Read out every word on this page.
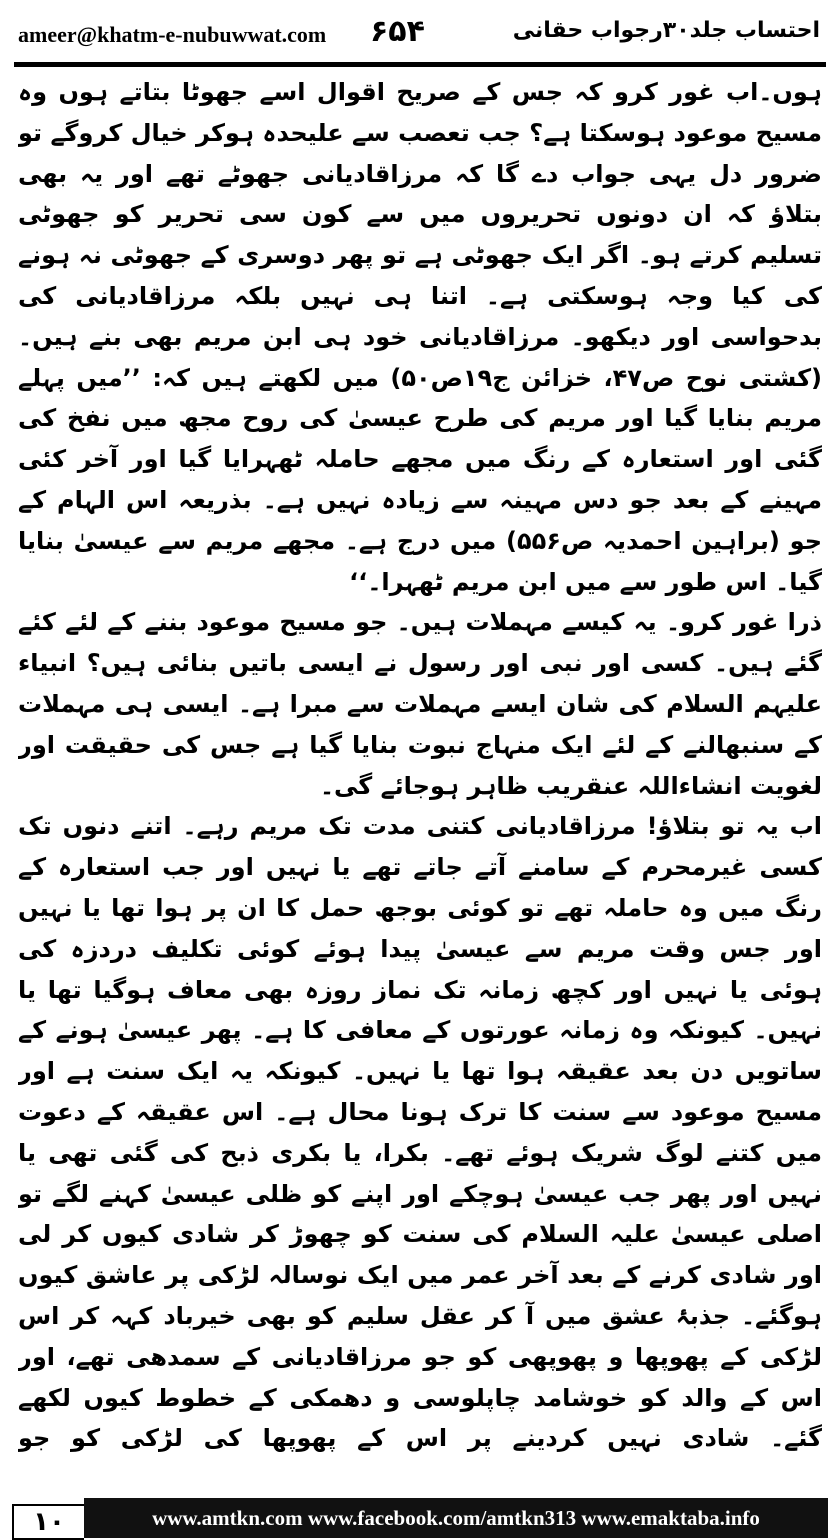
ameer@khatm-e-nubuwwat.com ۶۵۴	احتساب جلد۳۰رجواب حقانی

ہوں۔اب غور کرو کہ جس کے صریح اقوال اسے جھوٹا بتاتے ہوں وہ مسیح موعود ہوسکتا ہے؟ جب تعصب سے علیحدہ ہوکر خیال کروگے تو ضرور دل یہی جواب دے گا کہ مرزاقادیانی جھوٹے تھے اور یہ بھی بتلاؤ کہ ان دونوں تحریروں میں سے کون سی تحریر کو جھوٹی تسلیم کرتے ہو۔ اگر ایک جھوٹی ہے تو پھر دوسری کے جھوٹی نہ ہونے کی کیا وجہ ہوسکتی ہے۔ اتنا ہی نہیں بلکہ مرزاقادیانی کی بدحواسی اور دیکھو۔ مرزاقادیانی خود ہی ابن مریم بھی بنے ہیں۔ (کشتی نوح ص۴۷، خزائن ج۱۹ص۵۰) میں لکھتے ہیں کہ: ’’میں پہلے مریم بنایا گیا اور مریم کی طرح عیسیٰ کی روح مجھ میں نفخ کی گئی اور استعارہ کے رنگ میں مجھے حاملہ ٹھہرایا گیا اور آخر کئی مہینے کے بعد جو دس مہینہ سے زیادہ نہیں ہے۔ بذریعہ اس الہام کے جو (براہین احمدیہ ص۵۵۶) میں درج ہے۔ مجھے مریم سے عیسیٰ بنایا گیا۔ اس طور سے میں ابن مریم ٹھہرا۔‘‘

ذرا غور کرو۔ یہ کیسے مہملات ہیں۔ جو مسیح موعود بننے کے لئے کئے گئے ہیں۔ کسی اور نبی اور رسول نے ایسی باتیں بنائی ہیں؟ انبیاء علیہم السلام کی شان ایسے مہملات سے مبرا ہے۔ ایسی ہی مہملات کے سنبھالنے کے لئے ایک منہاج نبوت بنایا گیا ہے جس کی حقیقت اور لغویت انشاءاللہ عنقریب ظاہر ہوجائے گی۔

اب یہ تو بتلاؤ! مرزاقادیانی کتنی مدت تک مریم رہے۔ اتنے دنوں تک کسی غیرمحرم کے سامنے آتے جاتے تھے یا نہیں اور جب استعارہ کے رنگ میں وہ حاملہ تھے تو کوئی بوجھ حمل کا ان پر ہوا تھا یا نہیں اور جس وقت مریم سے عیسیٰ پیدا ہوئے کوئی تکلیف دردزہ کی ہوئی یا نہیں اور کچھ زمانہ تک نماز روزہ بھی معاف ہوگیا تھا یا نہیں۔ کیونکہ وہ زمانہ عورتوں کے معافی کا ہے۔ پھر عیسیٰ ہونے کے ساتویں دن بعد عقیقہ ہوا تھا یا نہیں۔ کیونکہ یہ ایک سنت ہے اور مسیح موعود سے سنت کا ترک ہونا محال ہے۔ اس عقیقہ کے دعوت میں کتنے لوگ شریک ہوئے تھے۔ بکرا، یا بکری ذبح کی گئی تھی یا نہیں اور پھر جب عیسیٰ ہوچکے اور اپنے کو ظلی عیسیٰ کہنے لگے تو اصلی عیسیٰ علیہ السلام کی سنت کو چھوڑ کر شادی کیوں کر لی اور شادی کرنے کے بعد آخر عمر میں ایک نوسالہ لڑکی پر عاشق کیوں ہوگئے۔ جذبۂ عشق میں آ کر عقل سلیم کو بھی خیرباد کہہ کر اس لڑکی کے پھوپھا و پھوپھی کو جو مرزاقادیانی کے سمدھی تھے، اور اس کے والد کو خوشامد چاپلوسی و دھمکی کے خطوط کیوں لکھے گئے۔ شادی نہیں کردینے پر اس کے پھوپھا کی لڑکی کو جو

۱۰	www.amtkn.com www.facebook.com/amtkn313 www.emaktaba.info
